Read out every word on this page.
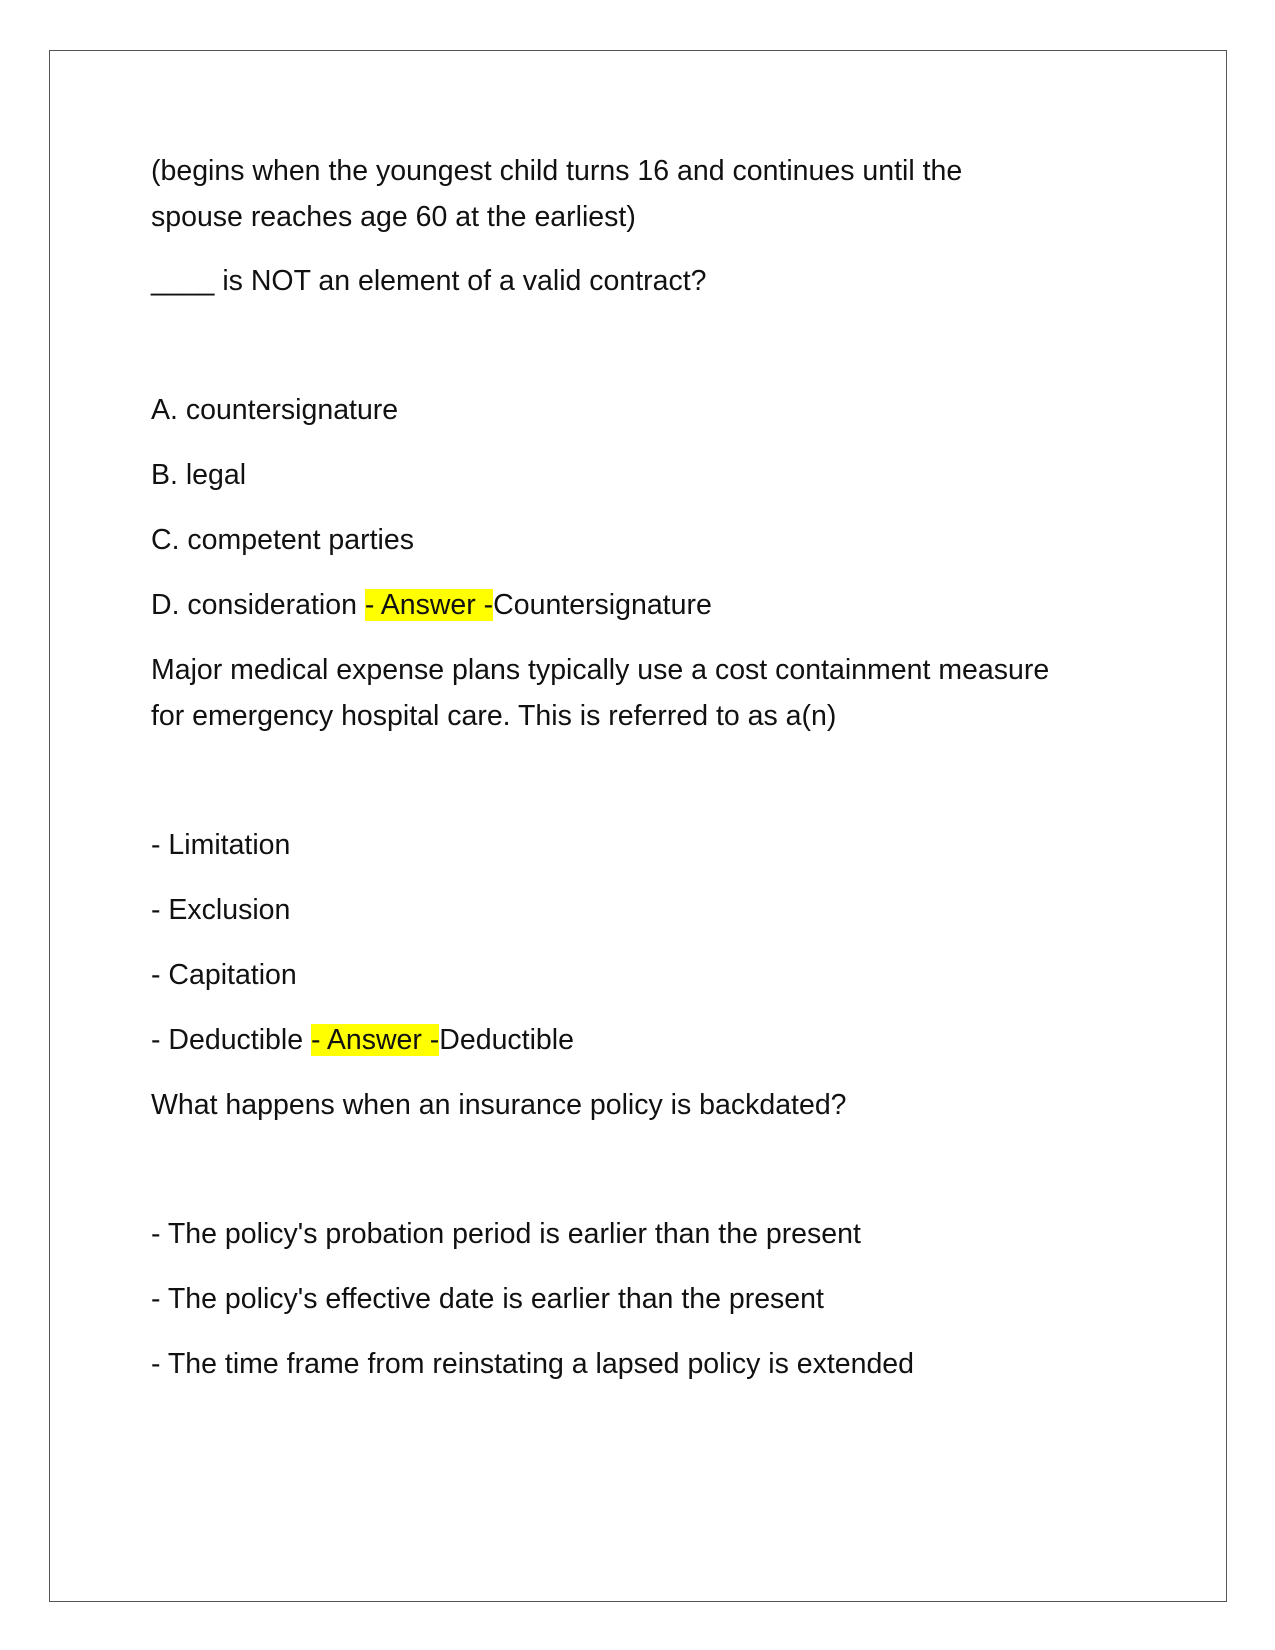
(begins when the youngest child turns 16 and continues until the

spouse reaches age 60 at the earliest)

____ is NOT an element of a valid contract?

A. countersignature

B. legal

C. competent parties

D. consideration - Answer -Countersignature

Major medical expense plans typically use a cost containment measure

for emergency hospital care. This is referred to as a(n)

- Limitation

- Exclusion

- Capitation

- Deductible - Answer -Deductible

What happens when an insurance policy is backdated?

- The policy's probation period is earlier than the present

- The policy's effective date is earlier than the present

- The time frame from reinstating a lapsed policy is extended
